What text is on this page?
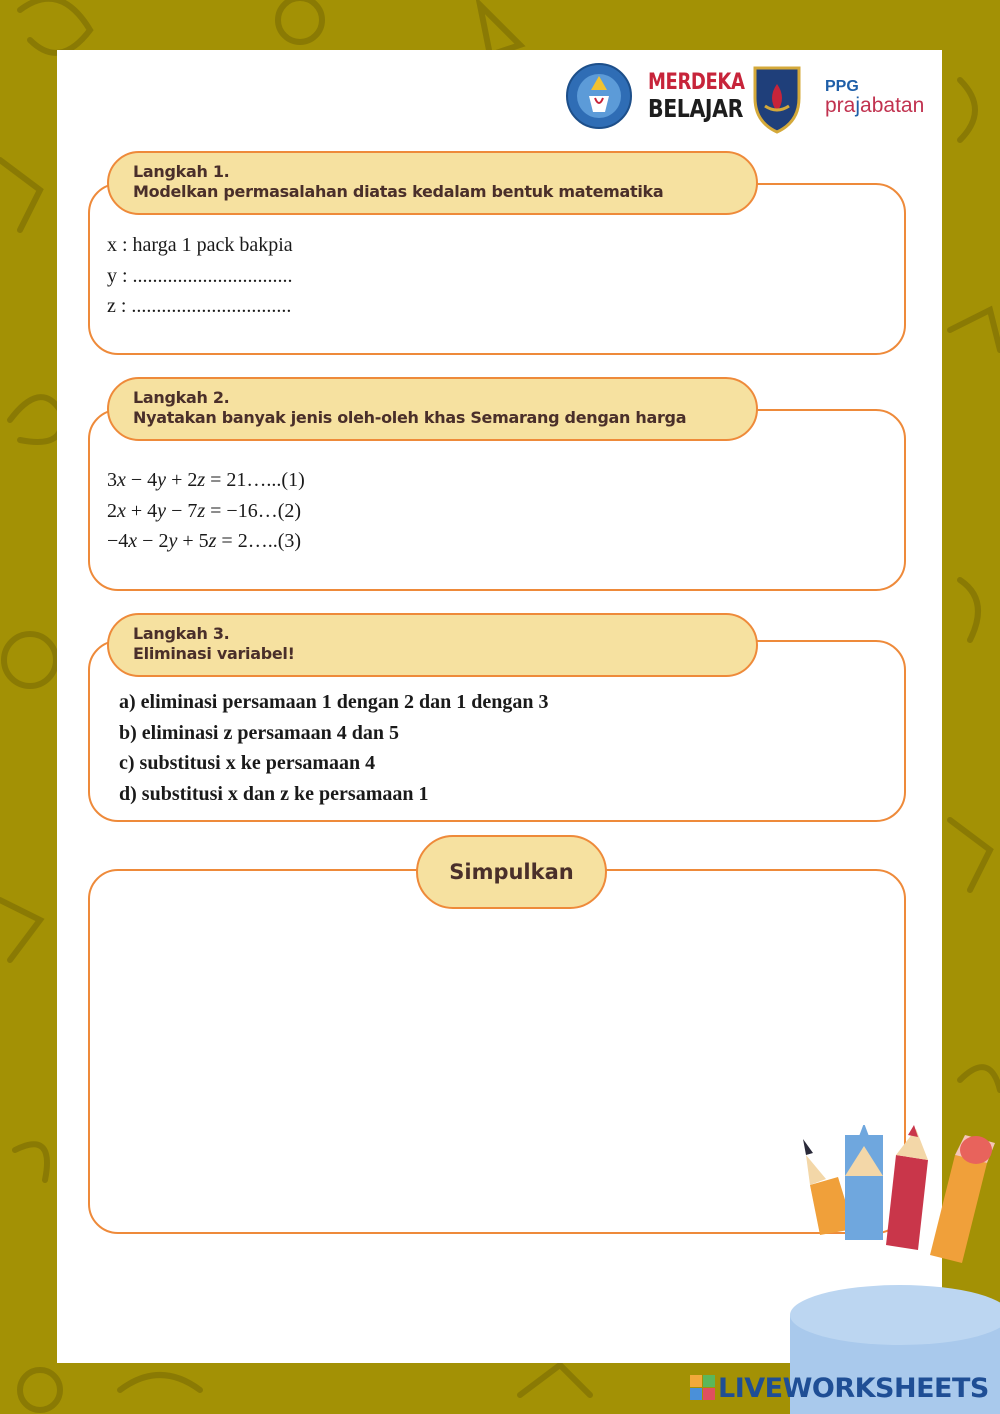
MERDEKA
BELAJAR
PPG
prajabatan
Langkah 1.
Modelkan permasalahan diatas kedalam bentuk matematika
x : harga 1 pack bakpia
y : ................................
z : ................................
Langkah 2.
Nyatakan banyak jenis oleh-oleh khas Semarang dengan harga
3x − 4y + 2z = 21…...(1)
2x + 4y − 7z = −16…(2)
−4x − 2y + 5z = 2…..(3)
Langkah 3.
Eliminasi variabel!
a) eliminasi persamaan 1 dengan 2 dan 1 dengan 3
b) eliminasi z persamaan 4 dan 5
c) substitusi x ke persamaan 4
d) substitusi x dan z ke persamaan 1
Simpulkan
LIVEWORKSHEETS
